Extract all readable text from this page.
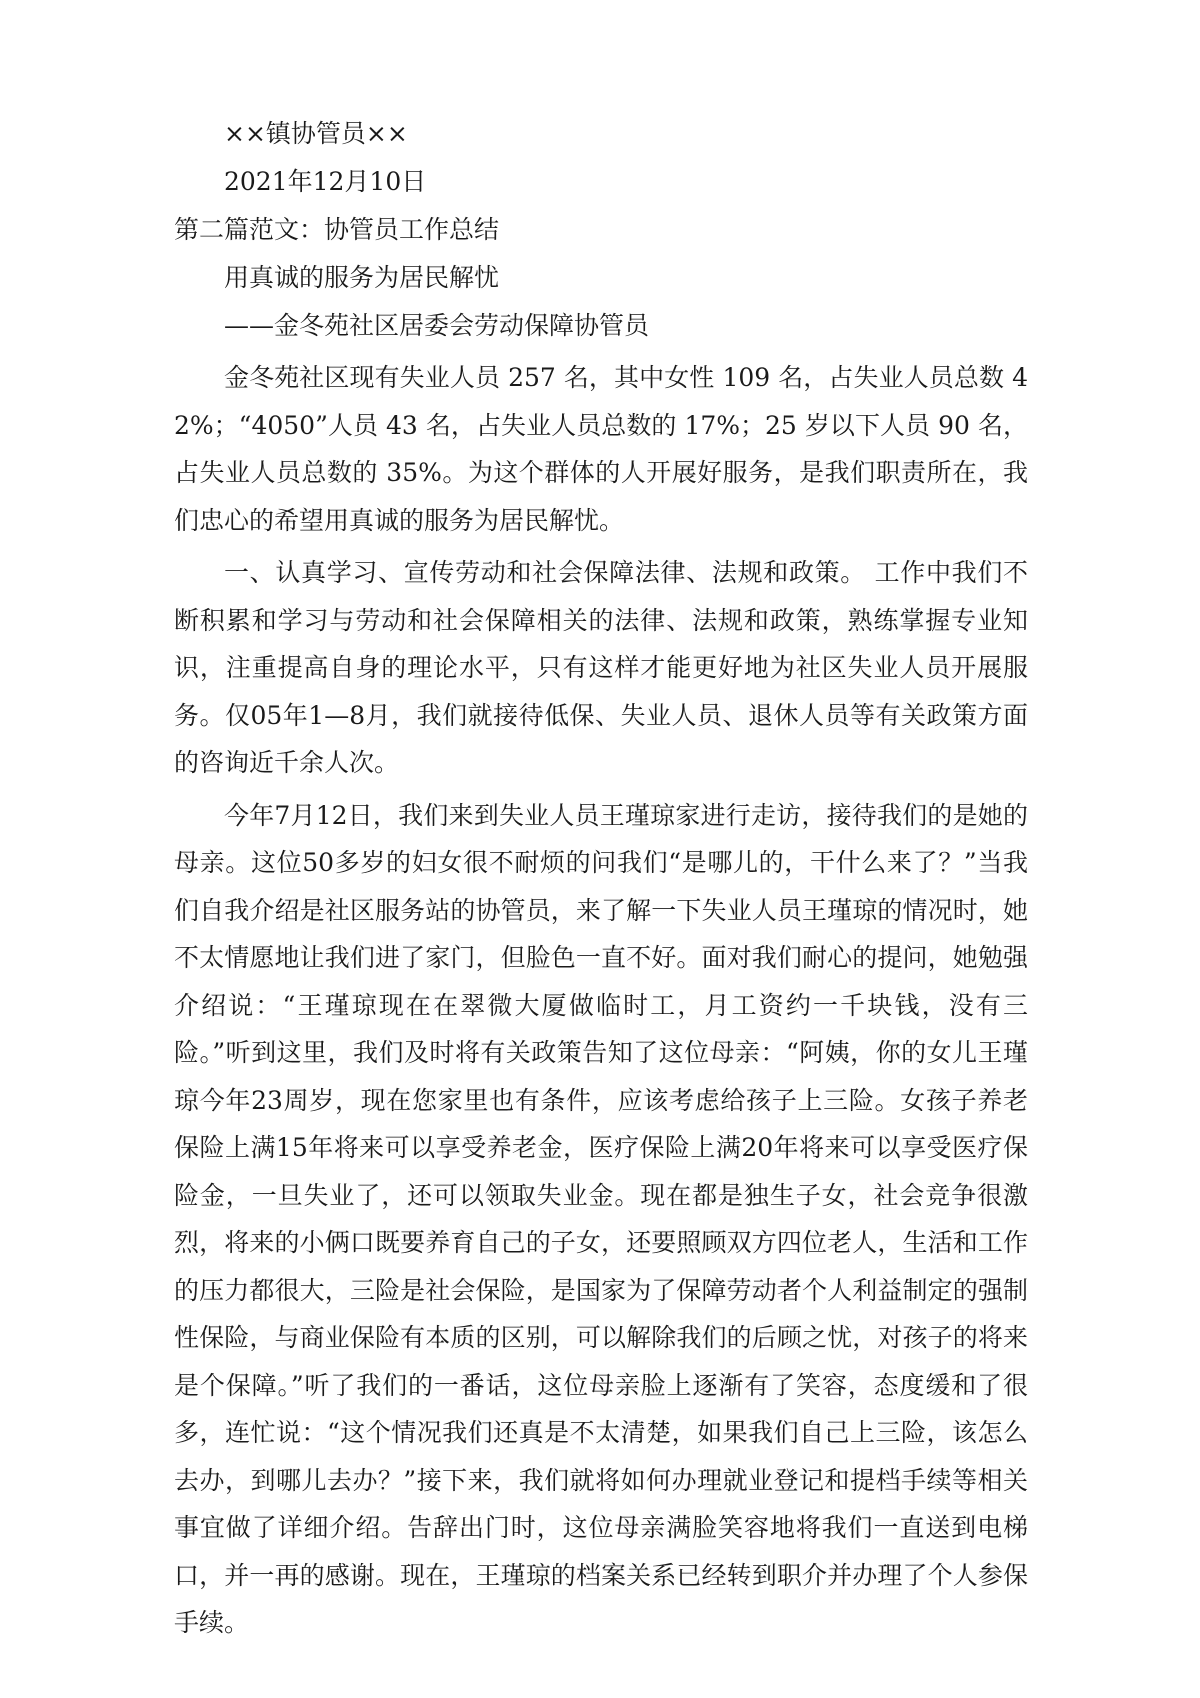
××镇协管员××
2021年12月10日
第二篇范文：协管员工作总结
用真诚的服务为居民解忧
——金冬苑社区居委会劳动保障协管员

金冬苑社区现有失业人员 257 名，其中女性 109 名，占失业人员总数 42%；“4050”人员 43 名，占失业人员总数的 17%；25 岁以下人员 90 名，占失业人员总数的 35%。为这个群体的人开展好服务，是我们职责所在，我们忠心的希望用真诚的服务为居民解忧。

一、认真学习、宣传劳动和社会保障法律、法规和政策。 工作中我们不断积累和学习与劳动和社会保障相关的法律、法规和政策，熟练掌握专业知识，注重提高自身的理论水平，只有这样才能更好地为社区失业人员开展服务。仅05年1—8月，我们就接待低保、失业人员、退休人员等有关政策方面的咨询近千余人次。

今年7月12日，我们来到失业人员王瑾琼家进行走访，接待我们的是她的母亲。这位50多岁的妇女很不耐烦的问我们“是哪儿的，干什么来了？”当我们自我介绍是社区服务站的协管员，来了解一下失业人员王瑾琼的情况时，她不太情愿地让我们进了家门，但脸色一直不好。面对我们耐心的提问，她勉强介绍说：“王瑾琼现在在翠微大厦做临时工，月工资约一千块钱，没有三险。”听到这里，我们及时将有关政策告知了这位母亲：“阿姨，你的女儿王瑾琼今年23周岁，现在您家里也有条件，应该考虑给孩子上三险。女孩子养老保险上满15年将来可以享受养老金，医疗保险上满20年将来可以享受医疗保险金，一旦失业了，还可以领取失业金。现在都是独生子女，社会竞争很激烈，将来的小俩口既要养育自己的子女，还要照顾双方四位老人，生活和工作的压力都很大，三险是社会保险，是国家为了保障劳动者个人利益制定的强制性保险，与商业保险有本质的区别，可以解除我们的后顾之忧，对孩子的将来是个保障。”听了我们的一番话，这位母亲脸上逐渐有了笑容，态度缓和了很多，连忙说：“这个情况我们还真是不太清楚，如果我们自己上三险，该怎么去办，到哪儿去办？”接下来，我们就将如何办理就业登记和提档手续等相关事宜做了详细介绍。告辞出门时，这位母亲满脸笑容地将我们一直送到电梯口，并一再的感谢。现在，王瑾琼的档案关系已经转到职介并办理了个人参保手续。
